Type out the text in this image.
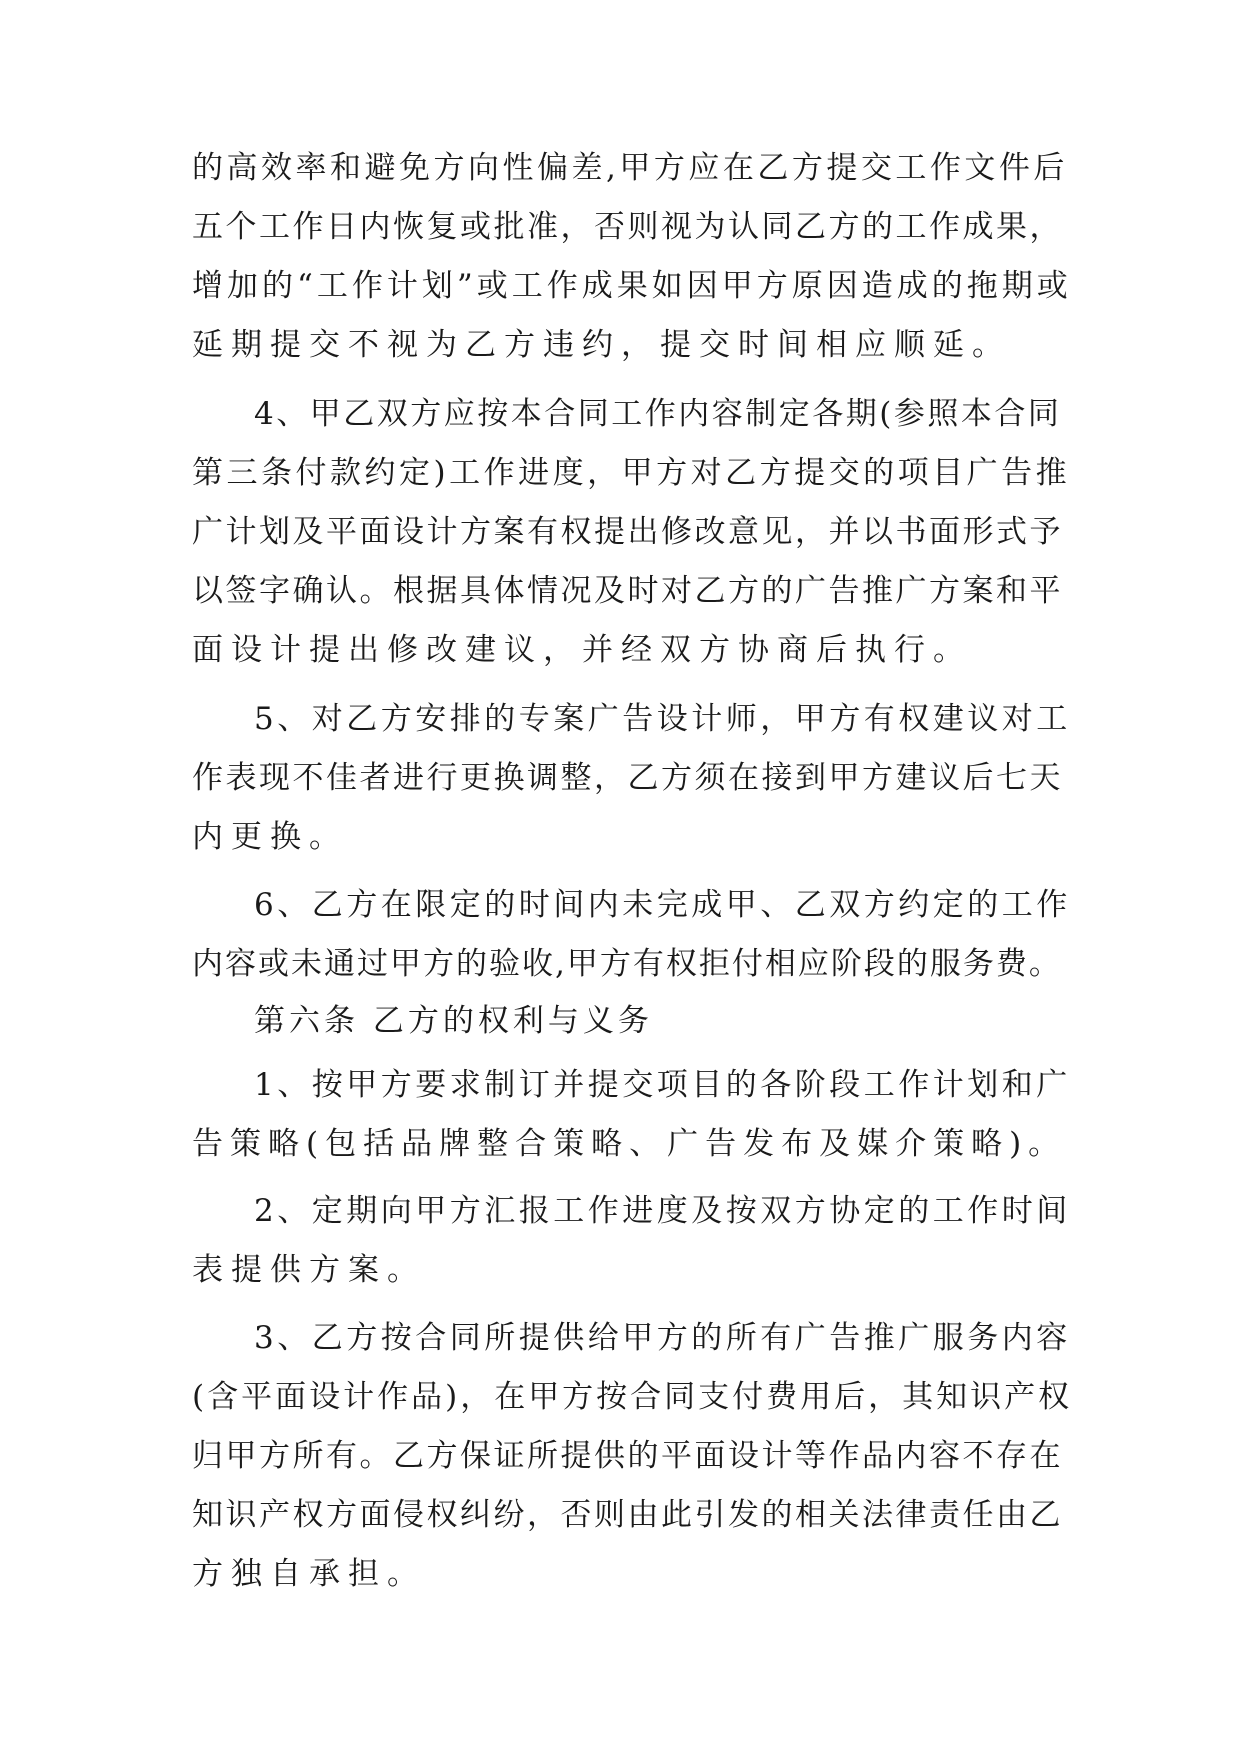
的高效率和避免方向性偏差,甲方应在乙方提交工作文件后
五个工作日内恢复或批准，否则视为认同乙方的工作成果，
增加的“工作计划”或工作成果如因甲方原因造成的拖期或
延期提交不视为乙方违约，提交时间相应顺延。
4、甲乙双方应按本合同工作内容制定各期(参照本合同
第三条付款约定)工作进度，甲方对乙方提交的项目广告推
广计划及平面设计方案有权提出修改意见，并以书面形式予
以签字确认。根据具体情况及时对乙方的广告推广方案和平
面设计提出修改建议，并经双方协商后执行。
5、对乙方安排的专案广告设计师，甲方有权建议对工
作表现不佳者进行更换调整，乙方须在接到甲方建议后七天
内更换。
6、乙方在限定的时间内未完成甲、乙双方约定的工作
内容或未通过甲方的验收,甲方有权拒付相应阶段的服务费。
第六条 乙方的权利与义务
1、按甲方要求制订并提交项目的各阶段工作计划和广
告策略(包括品牌整合策略、广告发布及媒介策略)。
2、定期向甲方汇报工作进度及按双方协定的工作时间
表提供方案。
3、乙方按合同所提供给甲方的所有广告推广服务内容
(含平面设计作品)，在甲方按合同支付费用后，其知识产权
归甲方所有。乙方保证所提供的平面设计等作品内容不存在
知识产权方面侵权纠纷，否则由此引发的相关法律责任由乙
方独自承担。
